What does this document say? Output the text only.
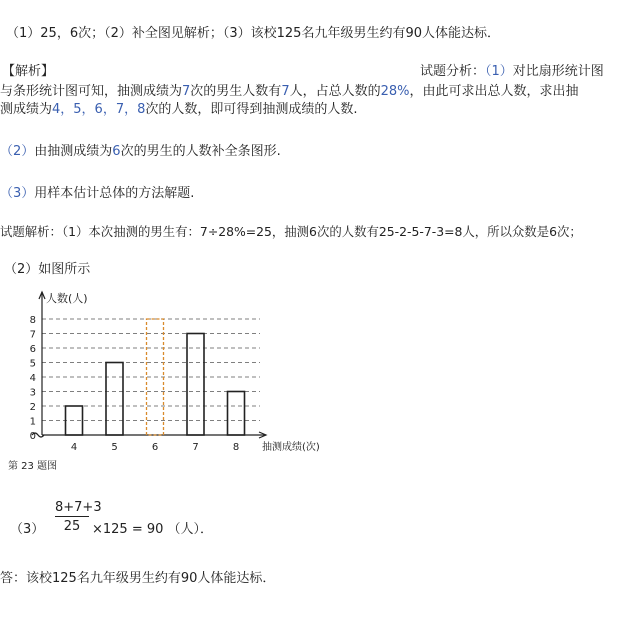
（1）25，6次；（2）补全图见解析；（3）该校125名九年级男生约有90人体能达标．
【解析】	试题分析：（1）对比扇形统计图
与条形统计图可知，抽测成绩为7次的男生人数有7人，占总人数的28%，由此可求出总人数，求出抽
测成绩为4，5，6，7，8次的人数，即可得到抽测成绩的人数.
（2）由抽测成绩为6次的男生的人数补全条图形.
（3）用样本估计总体的方法解题.
试题解析：（1）本次抽测的男生有：7÷28%=25，抽测6次的人数有25-2-5-7-3=8人，所以众数是6次；
（2）如图所示
0
1
2
3
4
5
6
7
8
人数(人)
抽测成绩(次)
4	5	6	7	8
第 23 题图
$(3) \frac{8+7+3}{25} \times 125 = 90$ （人）．
答：该校125名九年级男生约有90人体能达标．
